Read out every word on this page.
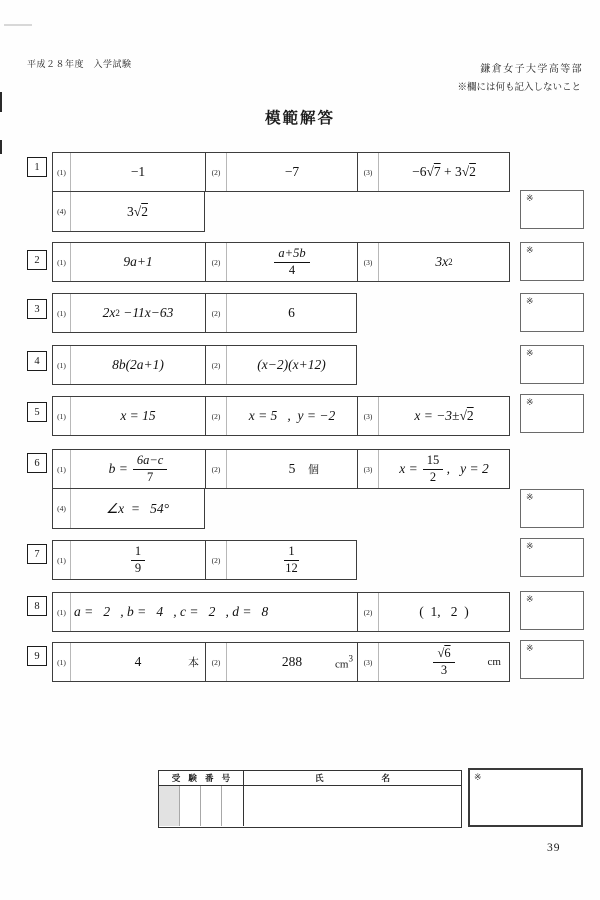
平成２８年度　入学試験	鎌倉女子大学高等部
※欄には何も記入しないこと
模範解答
1	(1)	−1	(2)	−7	(3)	−6 √ 7 + 3 √ 2
(4)	3 √ 2
※
2	(1)	9a+1	(2)	$\frac{a+5b}{4}$	(3)	3x 2
※
3	(1)	2x 2 −11x−63	(2)	6
※
4	(1)	8b(2a+1)	(2)	(x−2)(x+12)
※
5	(1)	x = 15	(2)	x = 5   ,  y = −2	(3)	x = −3± √ 2
※
6
(1)	$b = \frac{6a-c}{7}$	(2)	5 個	(3)	$x = \frac{15}{2}$ ,   y = 2
(4)	∠x  =   54°
※
7
(1)	$\frac{1}{9}$	(2)	$\frac{1}{12}$	※
8
(1) a =   2   , b =   4   , c =   2   , d =   8	(2)	(  1,   2  )
※
9
(1)	4	本	(2)	288	$cm^3$	(3)	√ $\frac{6}{3}$	cm
※
受 験 番 号	氏	名	※
39
